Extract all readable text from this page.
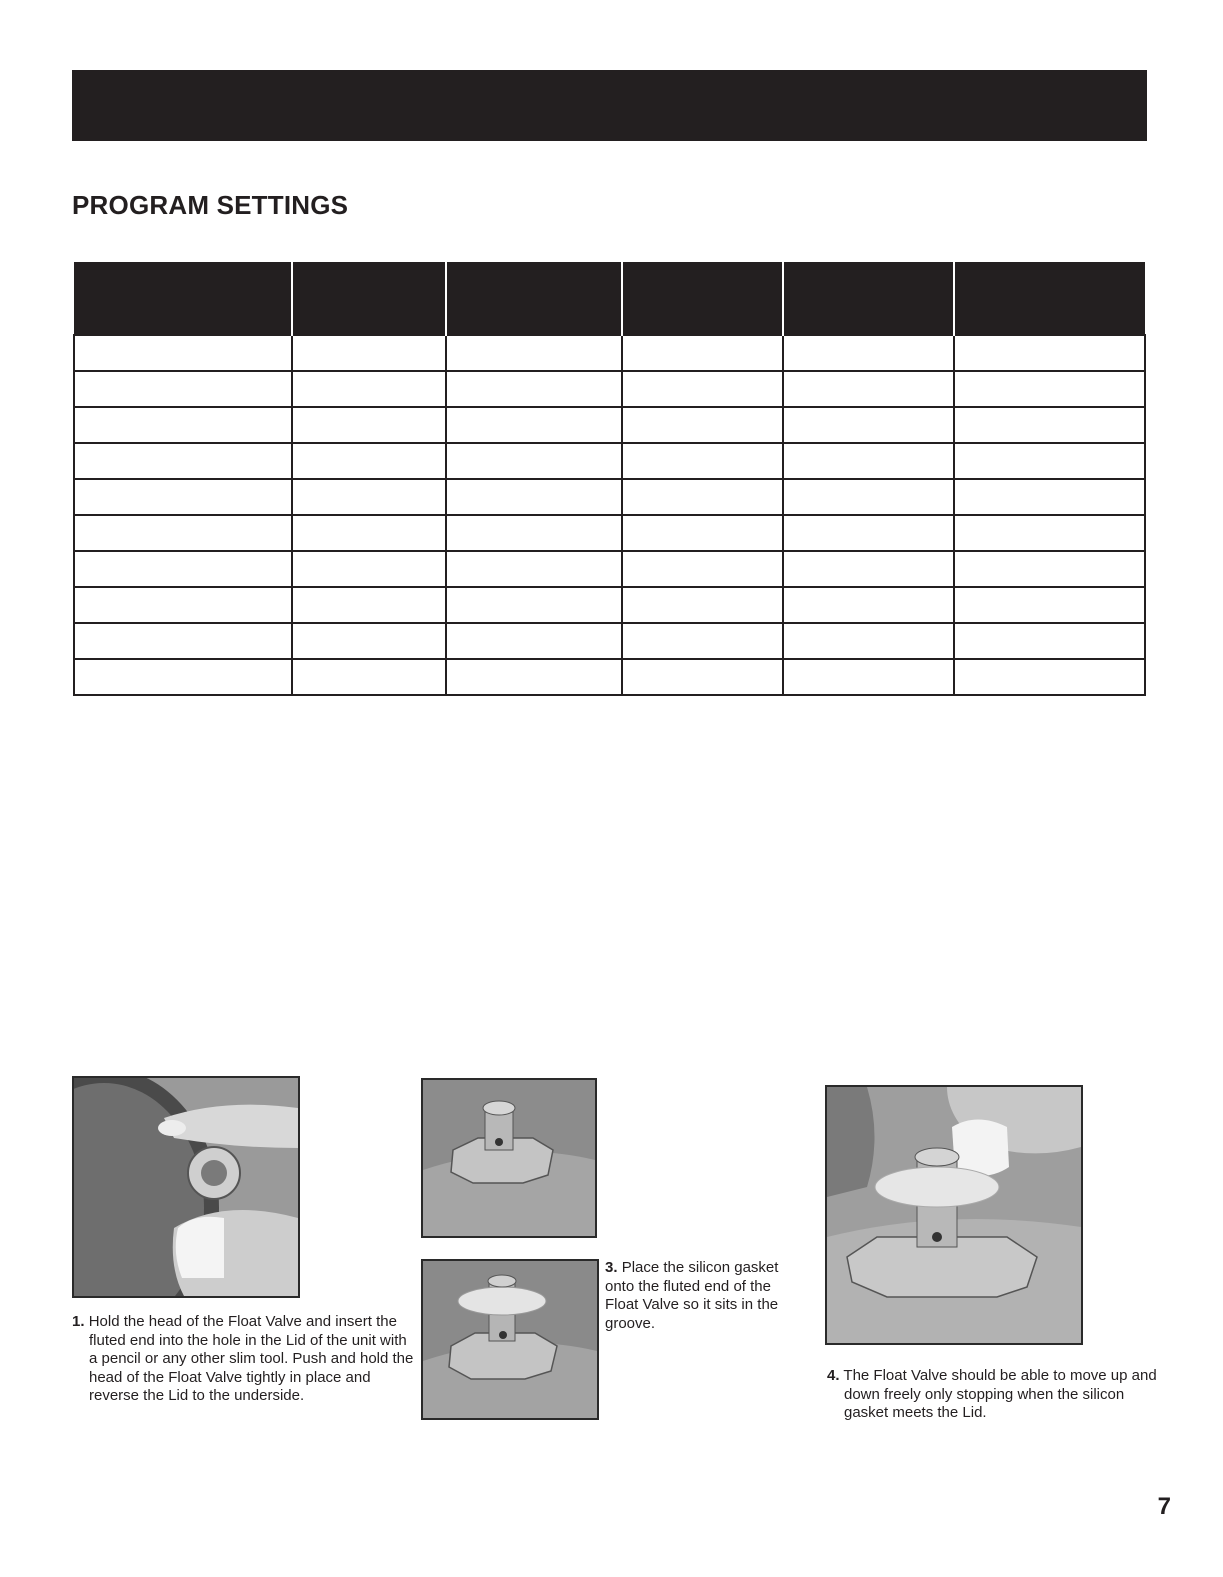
PROGRAM SETTINGS

1. Hold the head of the Float Valve and insert the fluted end into the hole in the Lid of the unit with a pencil or any other slim tool. Push and hold the head of the Float Valve tightly in place and reverse the Lid to the underside.

3. Place the silicon gasket onto the fluted end of the Float Valve so it sits in the groove.

4. The Float Valve should be able to move up and down freely only stopping when the silicon gasket meets the Lid.

7
